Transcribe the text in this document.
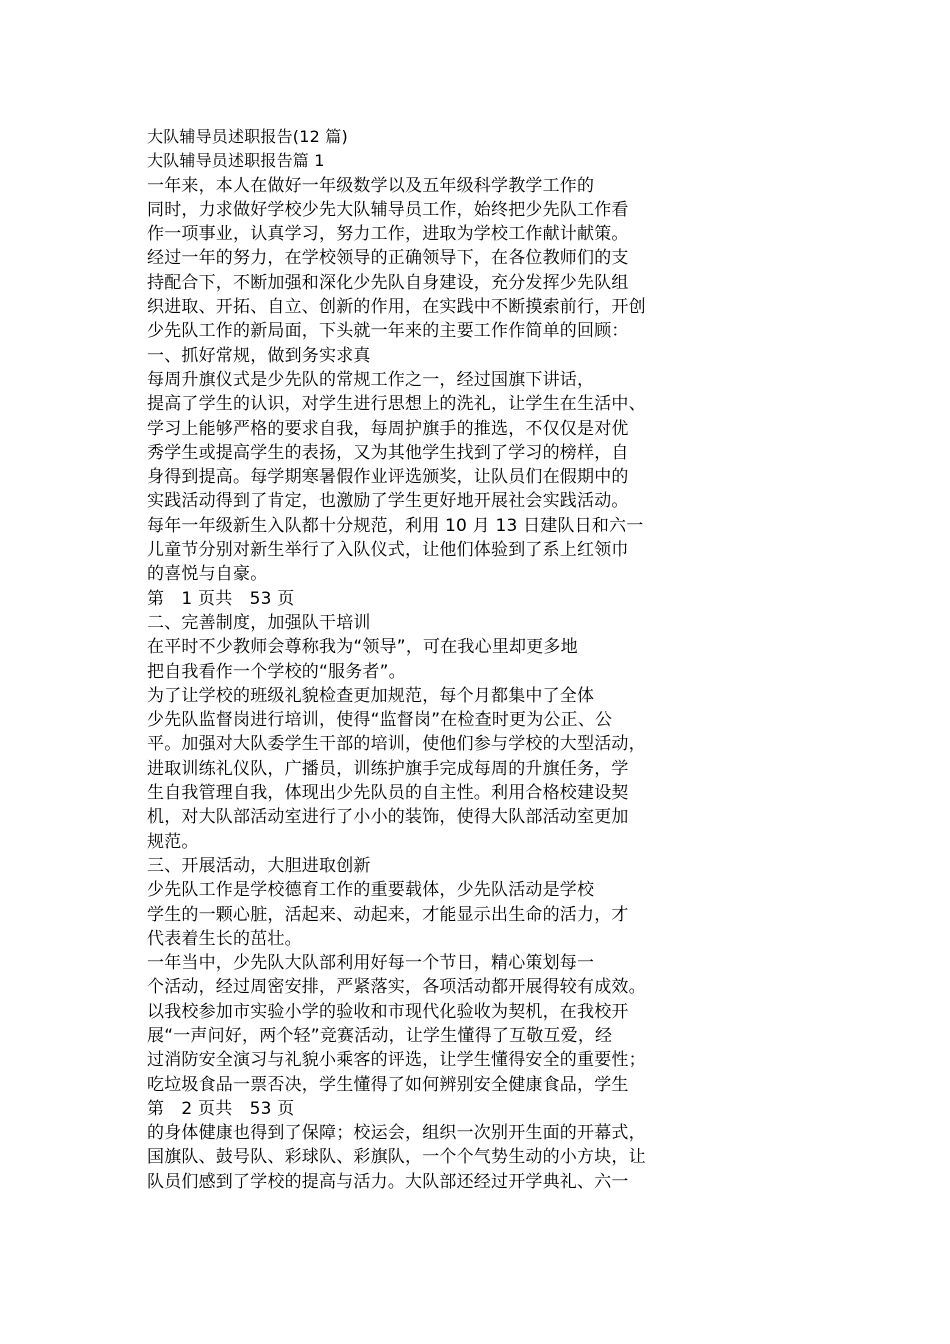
大队辅导员述职报告(12 篇)
大队辅导员述职报告篇 1
一年来，本人在做好一年级数学以及五年级科学教学工作的
同时，力求做好学校少先大队辅导员工作，始终把少先队工作看
作一项事业，认真学习，努力工作，进取为学校工作献计献策。
经过一年的努力，在学校领导的正确领导下，在各位教师们的支
持配合下，不断加强和深化少先队自身建设，充分发挥少先队组
织进取、开拓、自立、创新的作用，在实践中不断摸索前行，开创
少先队工作的新局面，下头就一年来的主要工作作简单的回顾：
一、抓好常规，做到务实求真
每周升旗仪式是少先队的常规工作之一，经过国旗下讲话，
提高了学生的认识，对学生进行思想上的洗礼，让学生在生活中、
学习上能够严格的要求自我，每周护旗手的推选，不仅仅是对优
秀学生或提高学生的表扬，又为其他学生找到了学习的榜样，自
身得到提高。每学期寒暑假作业评选颁奖，让队员们在假期中的
实践活动得到了肯定，也激励了学生更好地开展社会实践活动。
每年一年级新生入队都十分规范，利用 10 月 13 日建队日和六一
儿童节分别对新生举行了入队仪式，让他们体验到了系上红领巾
的喜悦与自豪。
第　1 页共　53 页
二、完善制度，加强队干培训
在平时不少教师会尊称我为“领导”，可在我心里却更多地
把自我看作一个学校的“服务者”。
为了让学校的班级礼貌检查更加规范，每个月都集中了全体
少先队监督岗进行培训，使得“监督岗”在检查时更为公正、公
平。加强对大队委学生干部的培训，使他们参与学校的大型活动，
进取训练礼仪队，广播员，训练护旗手完成每周的升旗任务，学
生自我管理自我，体现出少先队员的自主性。利用合格校建设契
机，对大队部活动室进行了小小的装饰，使得大队部活动室更加
规范。
三、开展活动，大胆进取创新
少先队工作是学校德育工作的重要载体，少先队活动是学校
学生的一颗心脏，活起来、动起来，才能显示出生命的活力，才
代表着生长的茁壮。
一年当中，少先队大队部利用好每一个节日，精心策划每一
个活动，经过周密安排，严紧落实，各项活动都开展得较有成效。
以我校参加市实验小学的验收和市现代化验收为契机，在我校开
展“一声问好，两个轻”竞赛活动，让学生懂得了互敬互爱，经
过消防安全演习与礼貌小乘客的评选，让学生懂得安全的重要性；
吃垃圾食品一票否决，学生懂得了如何辨别安全健康食品，学生
第　2 页共　53 页
的身体健康也得到了保障；校运会，组织一次别开生面的开幕式，
国旗队、鼓号队、彩球队、彩旗队，一个个气势生动的小方块，让
队员们感到了学校的提高与活力。大队部还经过开学典礼、六一
